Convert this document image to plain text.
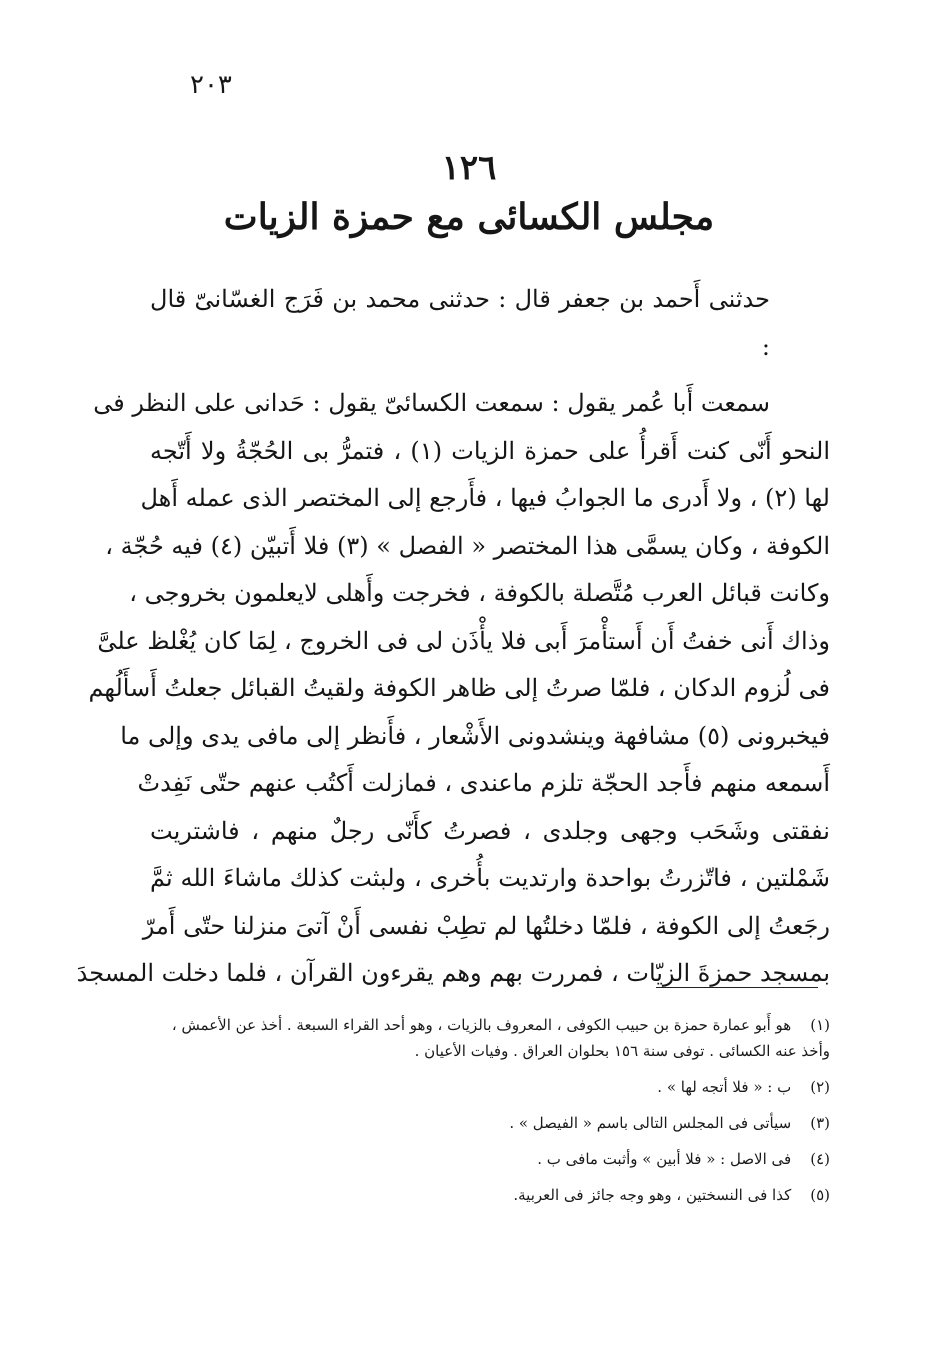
٢٠٣
١٢٦
مجلس الكسائى مع حمزة الزيات

حدثنى أَحمد بن جعفر قال : حدثنى محمد بن فَرَج الغسّانىّ قال :

سمعت أَبا عُمر يقول : سمعت الكسائىّ يقول : حَدانى على النظر فى
النحو أَنّى كنت أَقرأُ على حمزة الزيات (١) ، فتمرُّ بى الحُجّةُ ولا أَتّجه
لها (٢) ، ولا أَدرى ما الجوابُ فيها ، فأَرجع إلى المختصر الذى عمله أَهل
الكوفة ، وكان يسمَّى هذا المختصر « الفصل » (٣) فلا أَتبيّن (٤) فيه حُجّة ،
وكانت قبائل العرب مُتَّصلة بالكوفة ، فخرجت وأَهلى لايعلمون بخروجى ،
وذاك أَنى خفتُ أَن أَستأْمرَ أَبى فلا يأْذَن لى فى الخروج ، لِمَا كان يُغْلظ علىَّ
فى لُزوم الدكان ، فلمّا صرتُ إلى ظاهر الكوفة ولقيتُ القبائل جعلتُ أَسأَلُهم
فيخبرونى (٥) مشافهة وينشدونى الأَشْعار ، فأَنظر إلى مافى يدى وإلى ما
أَسمعه منهم فأَجد الحجّة تلزم ماعندى ، فمازلت أَكتُب عنهم حتّى نَفِدتْ
نفقتى وشَحَب وجهى وجلدى ، فصرتُ كأَنّى رجلٌ منهم ، فاشتريت
شَمْلتين ، فاتّزرتُ بواحدة وارتديت بأُخرى ، ولبثت كذلك ماشاءَ الله ثمَّ
رجَعتُ إلى الكوفة ، فلمّا دخلتُها لم تطِبْ نفسى أَنْ آتىَ منزلنا حتّى أَمرّ
بمسجد حمزةَ الزيّات ، فمررت بهم وهم يقرءون القرآن ، فلما دخلت المسجدَ

(١) هو أَبو عمارة حمزة بن حبيب الكوفى ، المعروف بالزيات ، وهو أحد القراء السبعة . أخذ عن الأعمش ، وأخذ عنه الكسائى . توفى سنة ١٥٦ بحلوان العراق . وفيات الأعيان .

(٢) ب : « فلا أتجه لها » .

(٣) سيأتى فى المجلس التالى باسم « الفيصل » .

(٤) فى الاصل : « فلا أبين » وأثبت مافى ب .

(٥) كذا فى النسختين ، وهو وجه جائز فى العربية.
